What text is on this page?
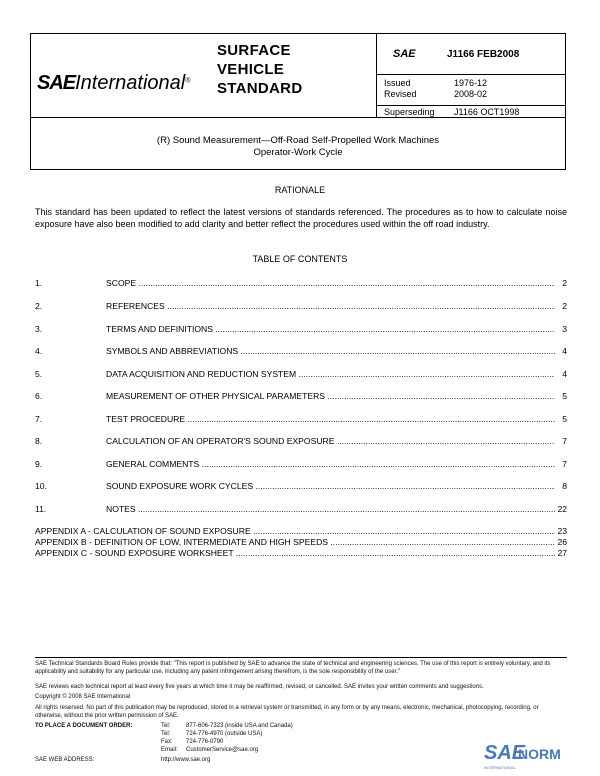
SAEInternational®
SURFACE
VEHICLE
STANDARD
SAE	J1166 FEB2008
Issued	1976-12
Revised	2008-02
Superseding J1166 OCT1998
(R) Sound Measurement—Off-Road Self-Propelled Work Machines
Operator-Work Cycle
RATIONALE
This standard has been updated to reflect the latest versions of standards referenced. The procedures as to how to calculate noise exposure have also been modified to add clarity and better reflect the procedures used within the off road industry.
TABLE OF CONTENTS
1.	SCOPE .....	2
2.	REFERENCES .....	2
3.	TERMS AND DEFINITIONS .....	3
4.	SYMBOLS AND ABBREVIATIONS .....	4
5.	DATA ACQUISITION AND REDUCTION SYSTEM .....	4
6.	MEASUREMENT OF OTHER PHYSICAL PARAMETERS .....	5
7.	TEST PROCEDURE .....	5
8.	CALCULATION OF AN OPERATOR'S SOUND EXPOSURE .....	7
9.	GENERAL COMMENTS .....	7
10.	SOUND EXPOSURE WORK CYCLES .....	8
11.	NOTES .....	22
APPENDIX A - CALCULATION OF SOUND EXPOSURE .....	23
APPENDIX B - DEFINITION OF LOW, INTERMEDIATE AND HIGH SPEEDS .....	26
APPENDIX C - SOUND EXPOSURE WORKSHEET .....	27
SAE Technical Standards Board Rules provide that: "This report is published by SAE to advance the state of technical and engineering sciences. The use of this report is entirely voluntary, and its applicability and suitability for any particular use, including any patent infringement arising therefrom, is the sole responsibility of the user."
SAE reviews each technical report at least every five years at which time it may be reaffirmed, revised, or cancelled. SAE invites your written comments and suggestions.
Copyright © 2008 SAE International
All rights reserved. No part of this publication may be reproduced, stored in a retrieval system or transmitted, in any form or by any means, electronic, mechanical, photocopying, recording, or otherwise, without the prior written permission of SAE.
TO PLACE A DOCUMENT ORDER:	Tel:	877-606-7323 (inside USA and Canada)
Tel:	724-776-4970 (outside USA)
Fax:	724-776-0790
Email:	CustomerService@sae.org
SAE WEB ADDRESS:	http://www.sae.org	SAE
NORM
INTERNATIONAL
